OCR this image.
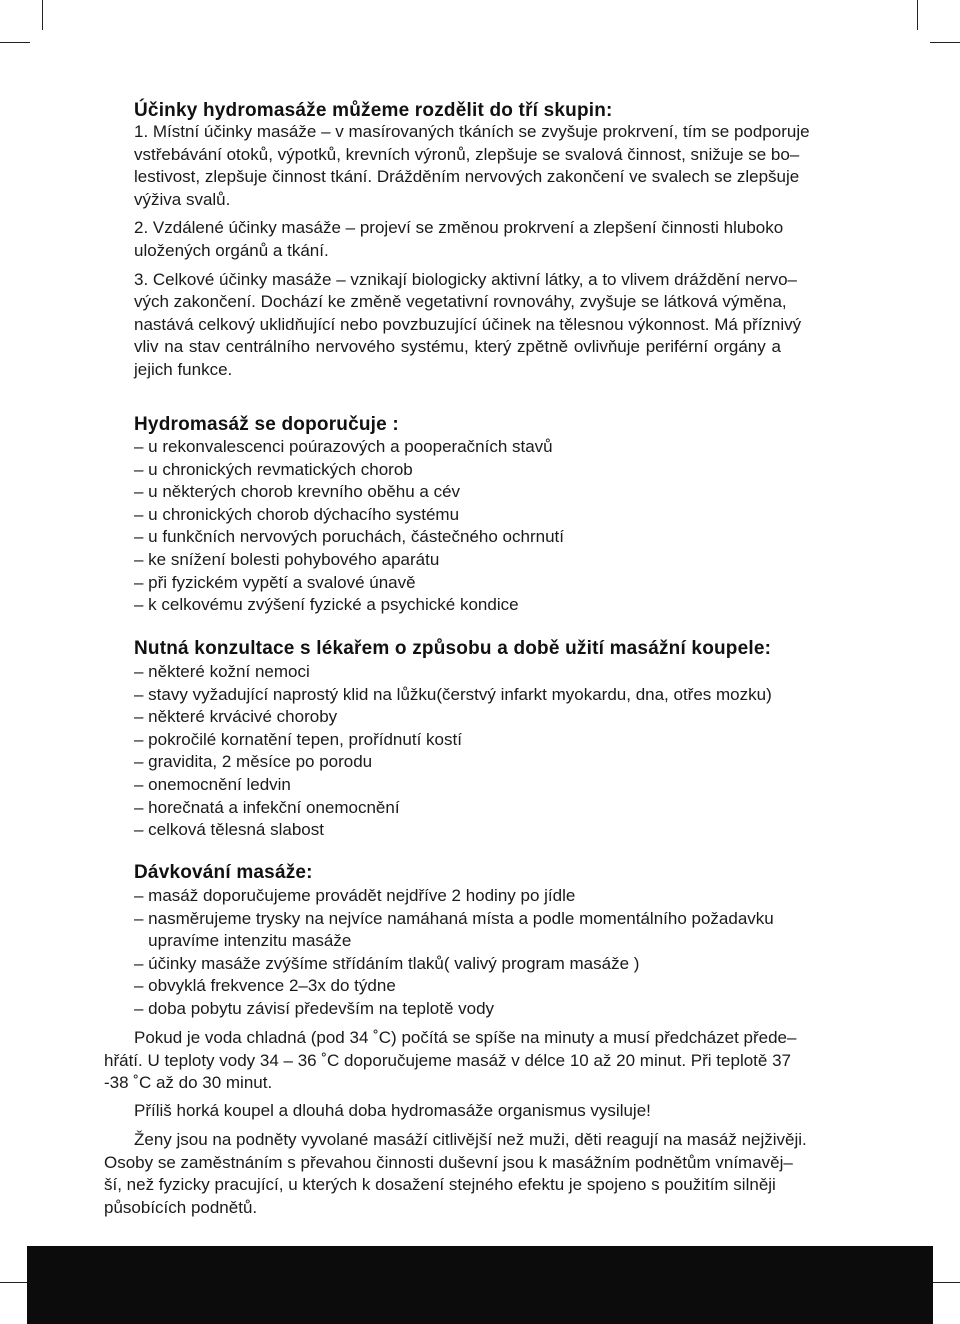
Účinky hydromasáže můžeme rozdělit do tří skupin:
1. Místní účinky masáže – v masírovaných tkáních se zvyšuje prokrvení, tím se podporuje
vstřebávání otoků, výpotků, krevních výronů, zlepšuje se svalová činnost, snižuje se bo–
lestivost, zlepšuje činnost tkání. Drážděním nervových zakončení ve svalech se zlepšuje
výživa svalů.
2. Vzdálené účinky masáže – projeví se změnou prokrvení a zlepšení činnosti hluboko
uložených orgánů a tkání.
3. Celkové účinky masáže – vznikají biologicky aktivní látky, a to vlivem dráždění nervo–
vých zakončení. Dochází ke změně vegetativní rovnováhy, zvyšuje se látková výměna,
nastává celkový uklidňující nebo povzbuzující účinek na tělesnou výkonnost. Má příznivý
vliv na stav centrálního nervového systému, který zpětně ovlivňuje periférní orgány a
jejich funkce.
Hydromasáž se doporučuje :
– u rekonvalescenci poúrazových a pooperačních stavů
– u chronických revmatických chorob
– u některých chorob krevního oběhu a cév
– u chronických chorob dýchacího systému
– u funkčních nervových poruchách, částečného ochrnutí
– ke snížení bolesti pohybového aparátu
– při fyzickém vypětí a svalové únavě
– k celkovému zvýšení fyzické a psychické kondice
Nutná konzultace s lékařem o způsobu a době užití masážní koupele:
– některé kožní nemoci
– stavy vyžadující naprostý klid na lůžku(čerstvý infarkt myokardu, dna, otřes mozku)
– některé krvácivé choroby
– pokročilé kornatění tepen, prořídnutí kostí
– gravidita, 2 měsíce po porodu
– onemocnění ledvin
– horečnatá a infekční onemocnění
– celková tělesná slabost
Dávkování masáže:
– masáž doporučujeme provádět nejdříve 2 hodiny po jídle
– nasměrujeme trysky na nejvíce namáhaná místa a podle momentálního požadavku
upravíme intenzitu masáže
– účinky masáže zvýšíme střídáním tlaků( valivý program masáže )
– obvyklá frekvence 2–3x do týdne
– doba pobytu závisí především na teplotě vody
Pokud je voda chladná (pod 34 ˚C) počítá se spíše na minuty a musí předcházet přede–
hřátí. U teploty vody 34 – 36 ˚C doporučujeme masáž v délce 10 až 20 minut. Při teplotě 37
-38 ˚C až do 30 minut.
Příliš horká koupel a dlouhá doba hydromasáže organismus vysiluje!
Ženy jsou na podněty vyvolané masáží citlivější než muži, děti reagují na masáž nejživěji.
Osoby se zaměstnáním s převahou činnosti duševní jsou k masážním podnětům vnímavěj–
ší, než fyzicky pracující, u kterých k dosažení stejného efektu je spojeno s použitím silněji
působících podnětů.
